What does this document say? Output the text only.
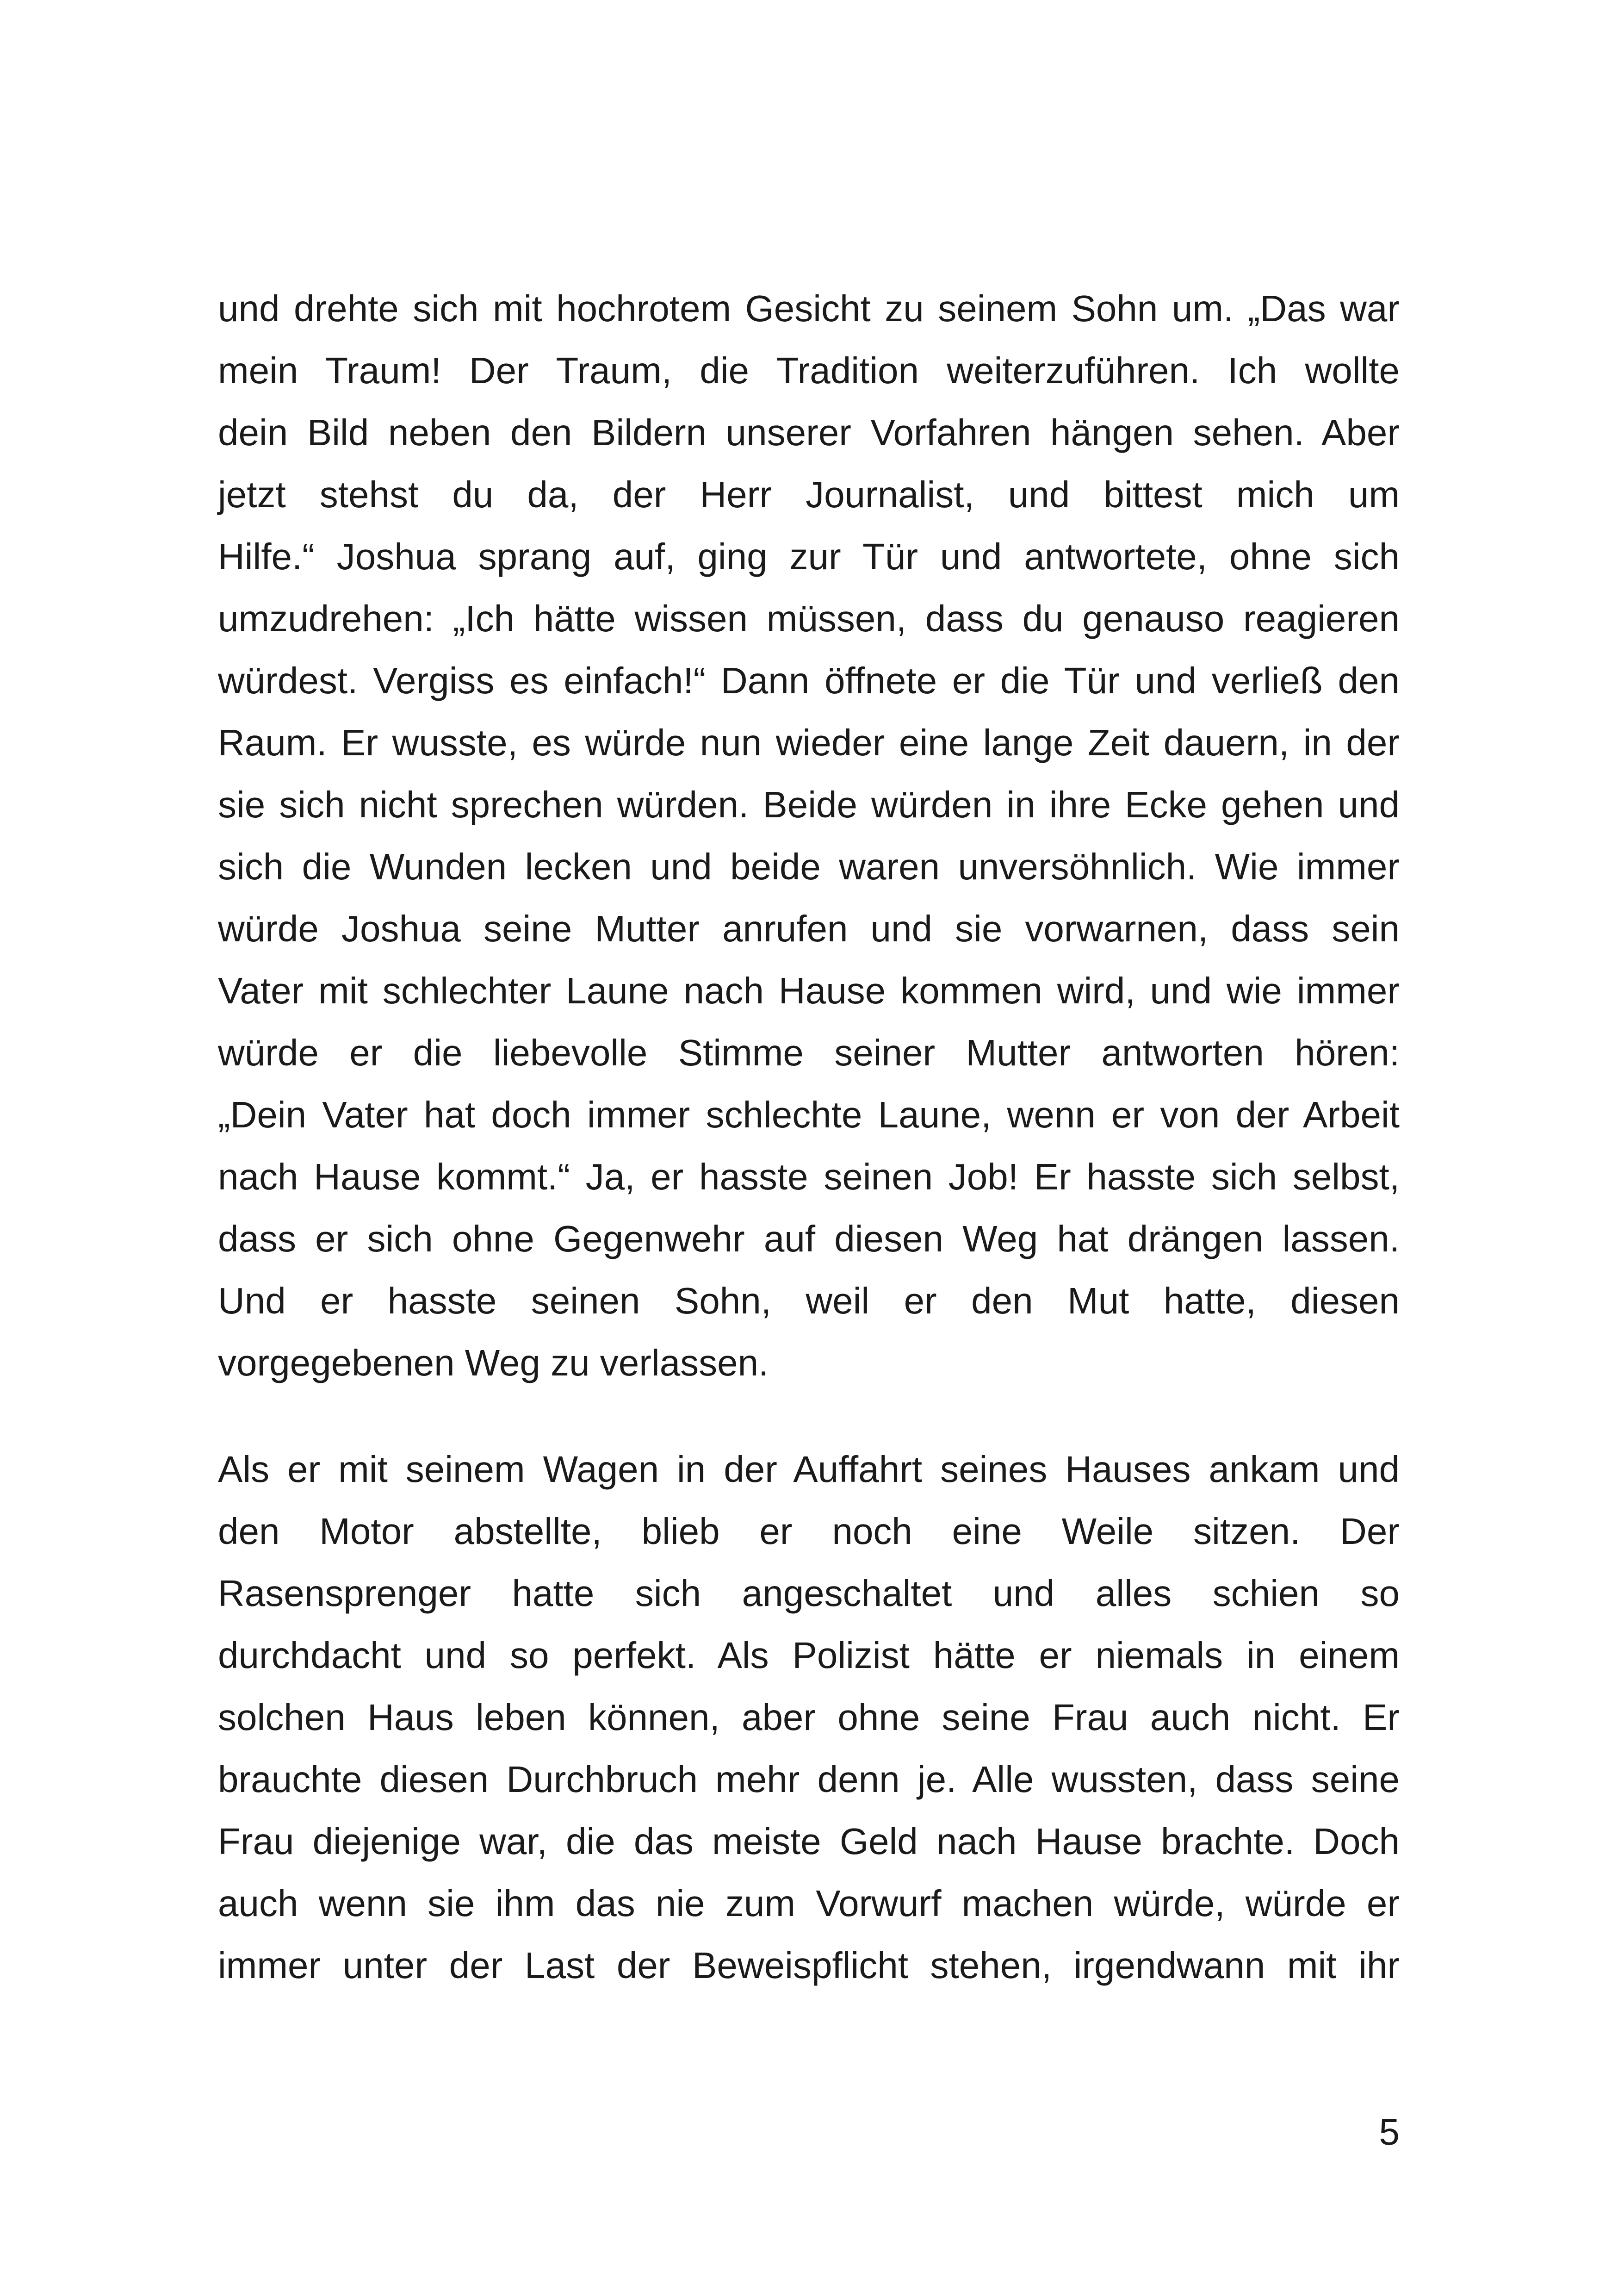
und drehte sich mit hochrotem Gesicht zu seinem Sohn um. „Das war
mein Traum! Der Traum, die Tradition weiterzuführen. Ich wollte
dein Bild neben den Bildern unserer Vorfahren hängen sehen. Aber
jetzt stehst du da, der Herr Journalist, und bittest mich um
Hilfe.“ Joshua sprang auf, ging zur Tür und antwortete, ohne sich
umzudrehen: „Ich hätte wissen müssen, dass du genauso reagieren
würdest. Vergiss es einfach!“ Dann öffnete er die Tür und verließ den
Raum. Er wusste, es würde nun wieder eine lange Zeit dauern, in der
sie sich nicht sprechen würden. Beide würden in ihre Ecke gehen und
sich die Wunden lecken und beide waren unversöhnlich. Wie immer
würde Joshua seine Mutter anrufen und sie vorwarnen, dass sein
Vater mit schlechter Laune nach Hause kommen wird, und wie immer
würde er die liebevolle Stimme seiner Mutter antworten hören:
„Dein Vater hat doch immer schlechte Laune, wenn er von der Arbeit
nach Hause kommt.“ Ja, er hasste seinen Job! Er hasste sich selbst,
dass er sich ohne Gegenwehr auf diesen Weg hat drängen lassen.
Und er hasste seinen Sohn, weil er den Mut hatte, diesen
vorgegebenen Weg zu verlassen.
Als er mit seinem Wagen in der Auffahrt seines Hauses ankam und
den Motor abstellte, blieb er noch eine Weile sitzen. Der
Rasensprenger hatte sich angeschaltet und alles schien so
durchdacht und so perfekt. Als Polizist hätte er niemals in einem
solchen Haus leben können, aber ohne seine Frau auch nicht. Er
brauchte diesen Durchbruch mehr denn je. Alle wussten, dass seine
Frau diejenige war, die das meiste Geld nach Hause brachte. Doch
auch wenn sie ihm das nie zum Vorwurf machen würde, würde er
immer unter der Last der Beweispflicht stehen, irgendwann mit ihr
5
